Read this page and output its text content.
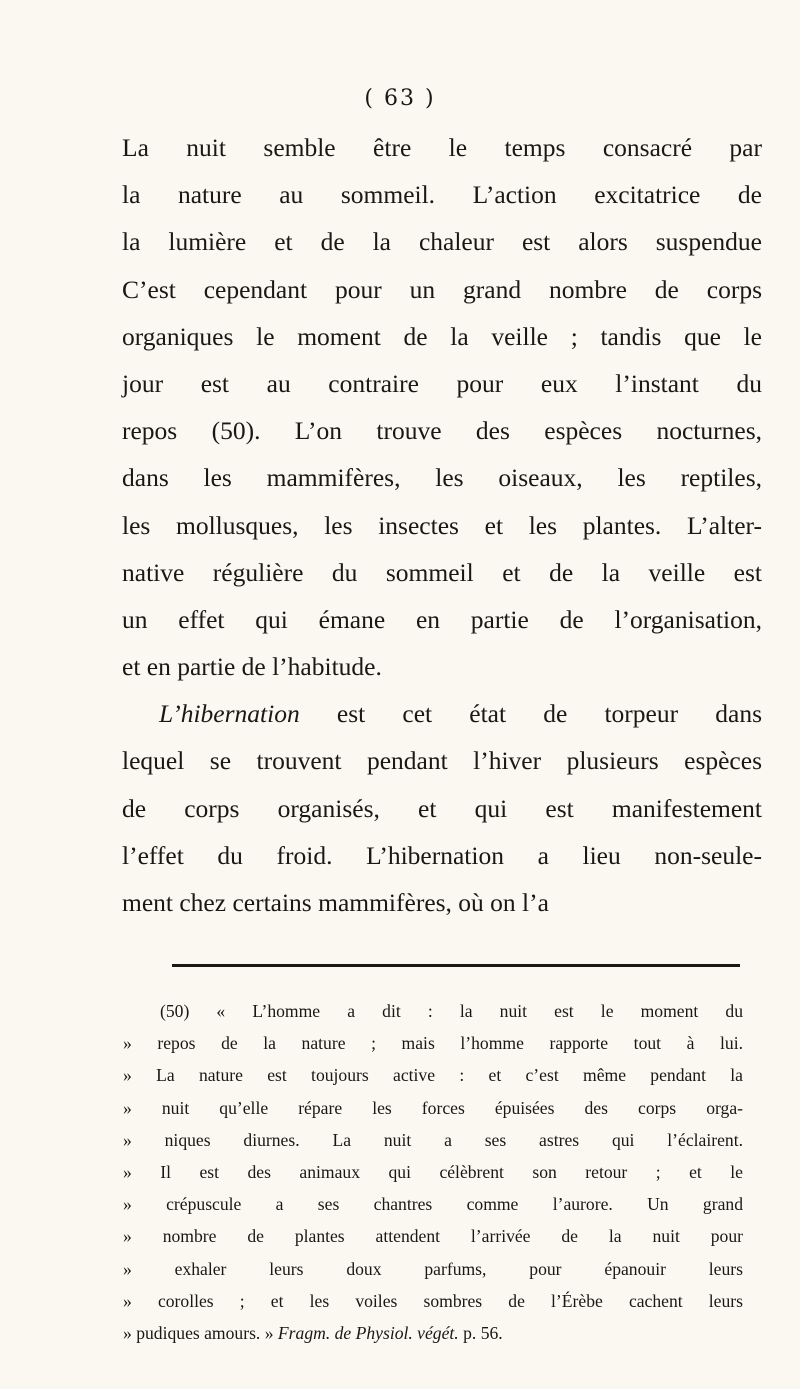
( 63 )
La nuit semble être le temps consacré par
la nature au sommeil. L’action excitatrice de
la lumière et de la chaleur est alors suspendue
C’est cependant pour un grand nombre de corps
organiques le moment de la veille ; tandis que le
jour est au contraire pour eux l’instant du
repos (50). L’on trouve des espèces nocturnes,
dans les mammifères, les oiseaux, les reptiles,
les mollusques, les insectes et les plantes. L’alter-
native régulière du sommeil et de la veille est
un effet qui émane en partie de l’organisation,
et en partie de l’habitude.
L’hibernation est cet état de torpeur dans
lequel se trouvent pendant l’hiver plusieurs espèces
de corps organisés, et qui est manifestement
l’effet du froid. L’hibernation a lieu non-seule-
ment chez certains mammifères, où on l’a
(50) « L’homme a dit : la nuit est le moment du
» repos de la nature ; mais l’homme rapporte tout à lui.
» La nature est toujours active : et c’est même pendant la
» nuit qu’elle répare les forces épuisées des corps orga-
» niques diurnes. La nuit a ses astres qui l’éclairent.
» Il est des animaux qui célèbrent son retour ; et le
» crépuscule a ses chantres comme l’aurore. Un grand
» nombre de plantes attendent l’arrivée de la nuit pour
» exhaler leurs doux parfums, pour épanouir leurs
» corolles ; et les voiles sombres de l’Érèbe cachent leurs
» pudiques amours. » Fragm. de Physiol. végét. p. 56.
